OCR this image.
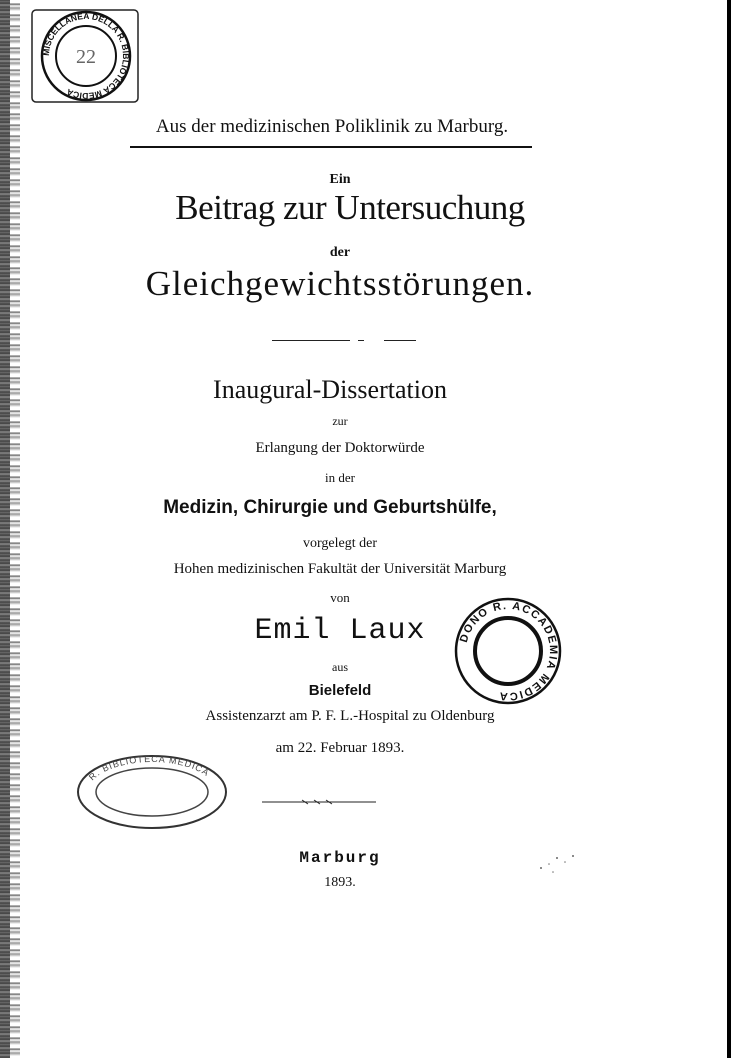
MISCELLANEA DELLA R. BIBLIOTECA MEDICA
22
Aus der medizinischen Poliklinik zu Marburg.
Ein
Beitrag zur Untersuchung
der
Gleichgewichtsstörungen.
Inaugural-Dissertation
zur
Erlangung der Doktorwürde
in der
Medizin, Chirurgie und Geburtshülfe,
vorgelegt der
Hohen medizinischen Fakultät der Universität Marburg
von
Emil Laux
aus
Bielefeld
Assistenzarzt am P. F. L.-Hospital zu Oldenburg
am 22. Februar 1893.
DONO R. ACCADEMIA MEDICA
R. BIBLIOTECA MEDICA
Marburg
1893.
